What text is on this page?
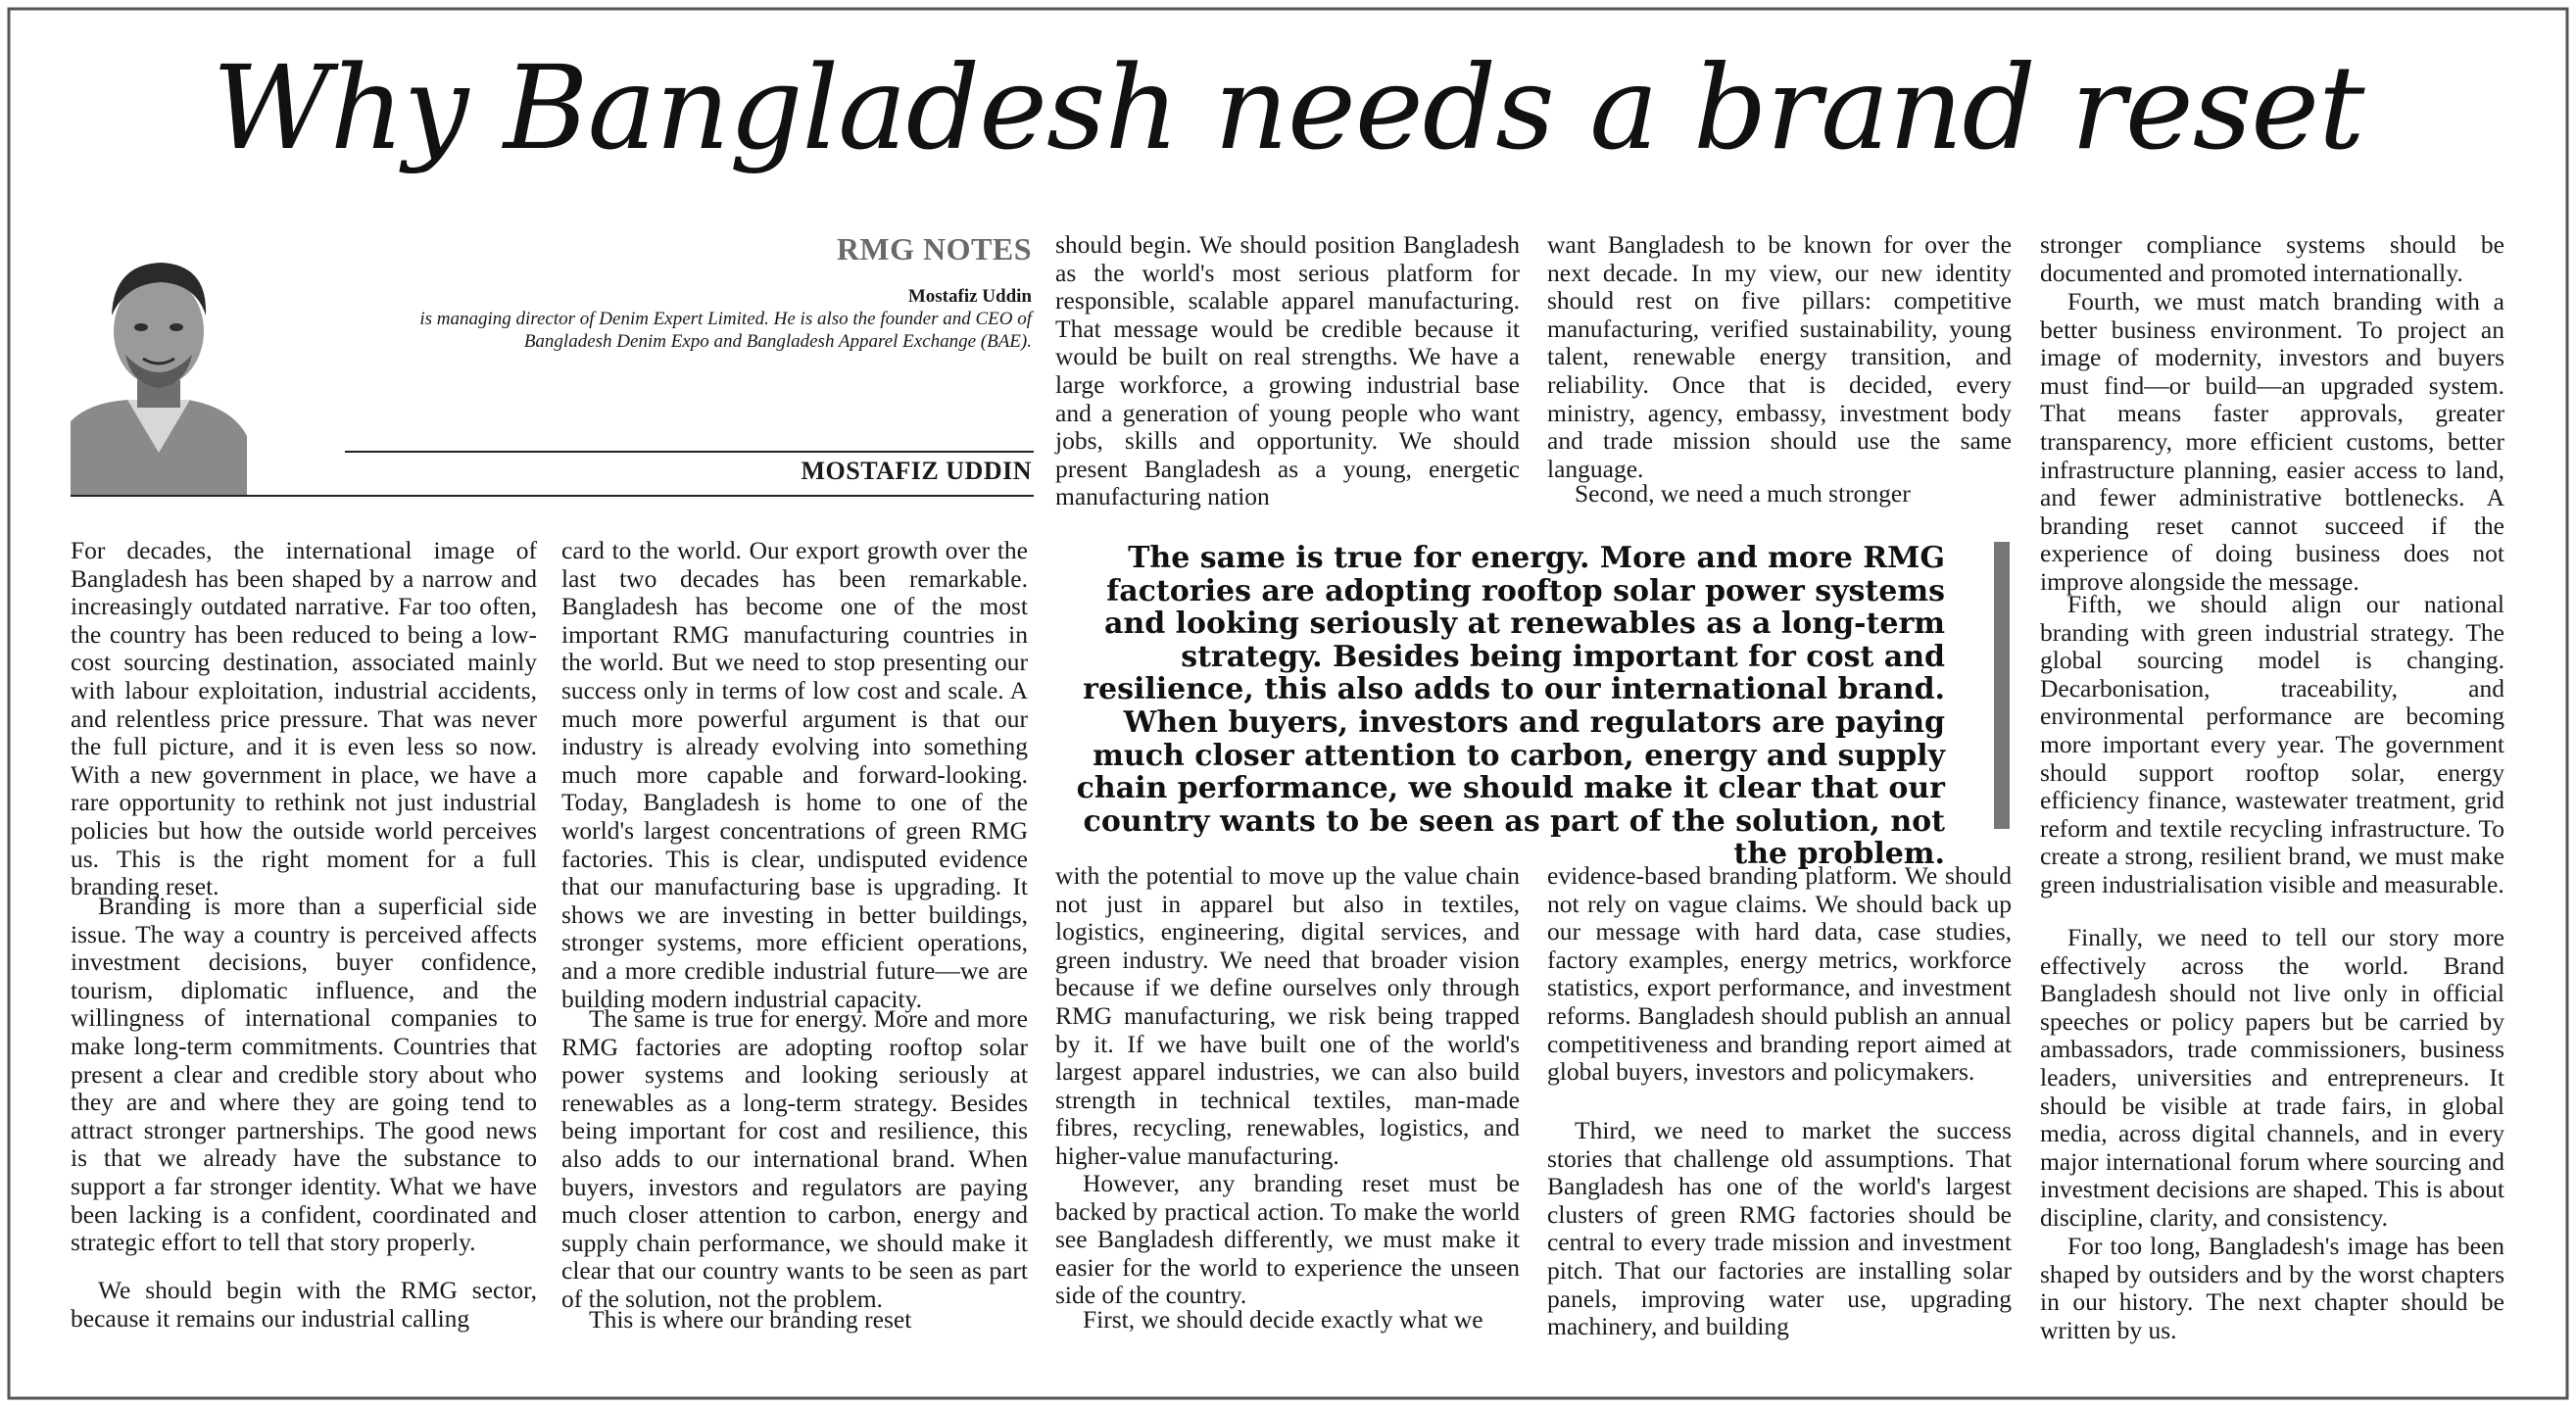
Why Bangladesh needs a brand reset
RMG NOTES
Mostafiz Uddin
is managing director of Denim Expert Limited. He is also the founder and CEO of Bangladesh Denim Expo and Bangladesh Apparel Exchange (BAE).
MOSTAFIZ UDDIN

For decades, the international image of Bangladesh has been shaped by a narrow and increasingly outdated narrative. Far too often, the country has been reduced to being a low-cost sourcing destination, associated mainly with labour exploitation, industrial accidents, and relentless price pressure. That was never the full picture, and it is even less so now. With a new government in place, we have a rare opportunity to rethink not just industrial policies but how the outside world perceives us. This is the right moment for a full branding reset.

Branding is more than a superficial side issue. The way a country is perceived affects investment decisions, buyer confidence, tourism, diplomatic influence, and the willingness of international companies to make long-term commitments. Countries that present a clear and credible story about who they are and where they are going tend to attract stronger partnerships. The good news is that we already have the substance to support a far stronger identity. What we have been lacking is a confident, coordinated and strategic effort to tell that story properly.

We should begin with the RMG sector, because it remains our industrial calling

card to the world. Our export growth over the last two decades has been remarkable. Bangladesh has become one of the most important RMG manufacturing countries in the world. But we need to stop presenting our success only in terms of low cost and scale. A much more powerful argument is that our industry is already evolving into something much more capable and forward-looking. Today, Bangladesh is home to one of the world's largest concentrations of green RMG factories. This is clear, undisputed evidence that our manufacturing base is upgrading. It shows we are investing in better buildings, stronger systems, more efficient operations, and a more credible industrial future—we are building modern industrial capacity.

The same is true for energy. More and more RMG factories are adopting rooftop solar power systems and looking seriously at renewables as a long-term strategy. Besides being important for cost and resilience, this also adds to our international brand. When buyers, investors and regulators are paying much closer attention to carbon, energy and supply chain performance, we should make it clear that our country wants to be seen as part of the solution, not the problem.

This is where our branding reset

should begin. We should position Bangladesh as the world's most serious platform for responsible, scalable apparel manufacturing. That message would be credible because it would be built on real strengths. We have a large workforce, a growing industrial base and a generation of young people who want jobs, skills and opportunity. We should present Bangladesh as a young, energetic manufacturing nation

with the potential to move up the value chain not just in apparel but also in textiles, logistics, engineering, digital services, and green industry. We need that broader vision because if we define ourselves only through RMG manufacturing, we risk being trapped by it. If we have built one of the world's largest apparel industries, we can also build strength in technical textiles, man-made fibres, recycling, renewables, logistics, and higher-value manufacturing.

However, any branding reset must be backed by practical action. To make the world see Bangladesh differently, we must make it easier for the world to experience the unseen side of the country.

First, we should decide exactly what we

want Bangladesh to be known for over the next decade. In my view, our new identity should rest on five pillars: competitive manufacturing, verified sustainability, young talent, renewable energy transition, and reliability. Once that is decided, every ministry, agency, embassy, investment body and trade mission should use the same language.

Second, we need a much stronger

evidence-based branding platform. We should not rely on vague claims. We should back up our message with hard data, case studies, factory examples, energy metrics, workforce statistics, export performance, and investment reforms. Bangladesh should publish an annual competitiveness and branding report aimed at global buyers, investors and policymakers.

Third, we need to market the success stories that challenge old assumptions. That Bangladesh has one of the world's largest clusters of green RMG factories should be central to every trade mission and investment pitch. That our factories are installing solar panels, improving water use, upgrading machinery, and building

stronger compliance systems should be documented and promoted internationally.

Fourth, we must match branding with a better business environment. To project an image of modernity, investors and buyers must find—or build—an upgraded system. That means faster approvals, greater transparency, more efficient customs, better infrastructure planning, easier access to land, and fewer administrative bottlenecks. A branding reset cannot succeed if the experience of doing business does not improve alongside the message.

Fifth, we should align our national branding with green industrial strategy. The global sourcing model is changing. Decarbonisation, traceability, and environmental performance are becoming more important every year. The government should support rooftop solar, energy efficiency finance, wastewater treatment, grid reform and textile recycling infrastructure. To create a strong, resilient brand, we must make green industrialisation visible and measurable.

Finally, we need to tell our story more effectively across the world. Brand Bangladesh should not live only in official speeches or policy papers but be carried by ambassadors, trade commissioners, business leaders, universities and entrepreneurs. It should be visible at trade fairs, in global media, across digital channels, and in every major international forum where sourcing and investment decisions are shaped. This is about discipline, clarity, and consistency.

For too long, Bangladesh's image has been shaped by outsiders and by the worst chapters in our history. The next chapter should be written by us.

The same is true for energy. More and more RMG factories are adopting rooftop solar power systems and looking seriously at renewables as a long-term strategy. Besides being important for cost and resilience, this also adds to our international brand. When buyers, investors and regulators are paying much closer attention to carbon, energy and supply chain performance, we should make it clear that our country wants to be seen as part of the solution, not the problem.
